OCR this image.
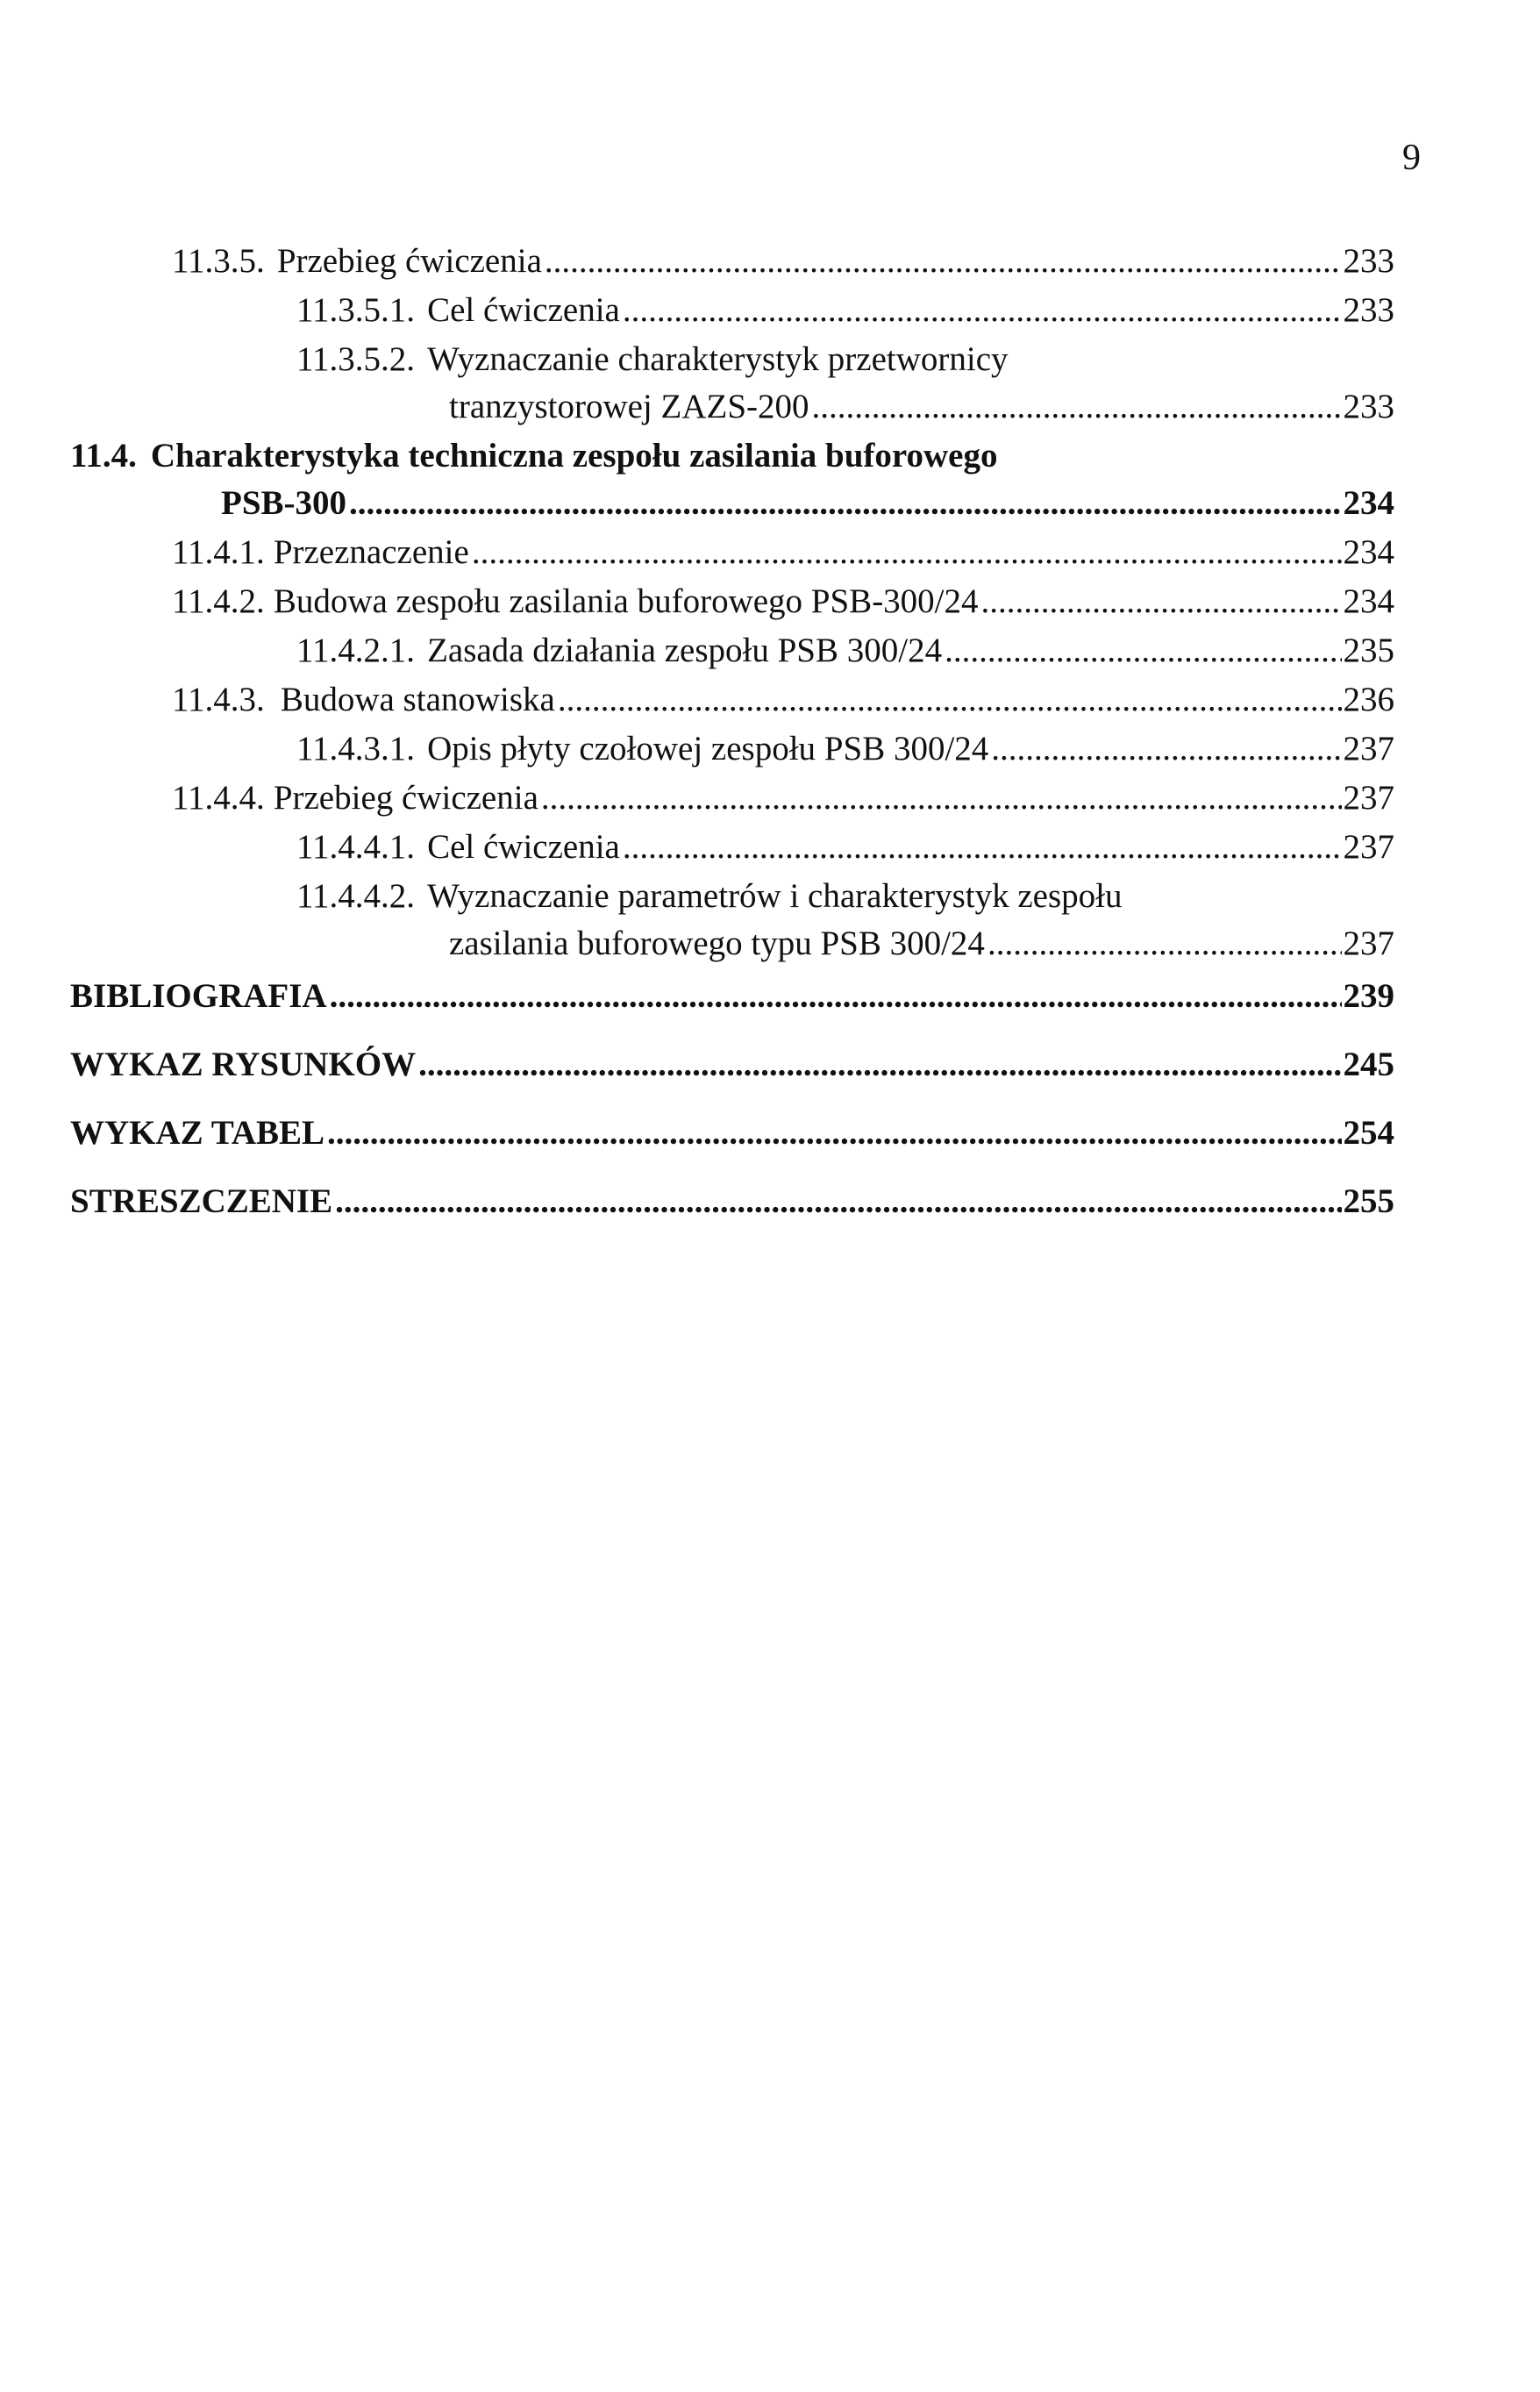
9
11.3.5. Przebieg ćwiczenia .....	233
11.3.5.1. Cel ćwiczenia .....	233
11.3.5.2. Wyznaczanie charakterystyk przetwornicy
tranzystorowej ZAZS-200 .....	233
11.4. Charakterystyka techniczna zespołu zasilania buforowego
PSB-300 .....	234
11.4.1. Przeznaczenie .....	234
11.4.2. Budowa zespołu zasilania buforowego PSB-300/24 .....	234
11.4.2.1. Zasada działania zespołu PSB 300/24 .....	235
11.4.3. Budowa stanowiska .....	236
11.4.3.1. Opis płyty czołowej zespołu PSB 300/24 .....	237
11.4.4. Przebieg ćwiczenia .....	237
11.4.4.1. Cel ćwiczenia .....	237
11.4.4.2. Wyznaczanie parametrów i charakterystyk zespołu
zasilania buforowego typu PSB 300/24 .....	237
BIBLIOGRAFIA .....	239
WYKAZ RYSUNKÓW .....	245
WYKAZ TABEL .....	254
STRESZCZENIE .....	255
